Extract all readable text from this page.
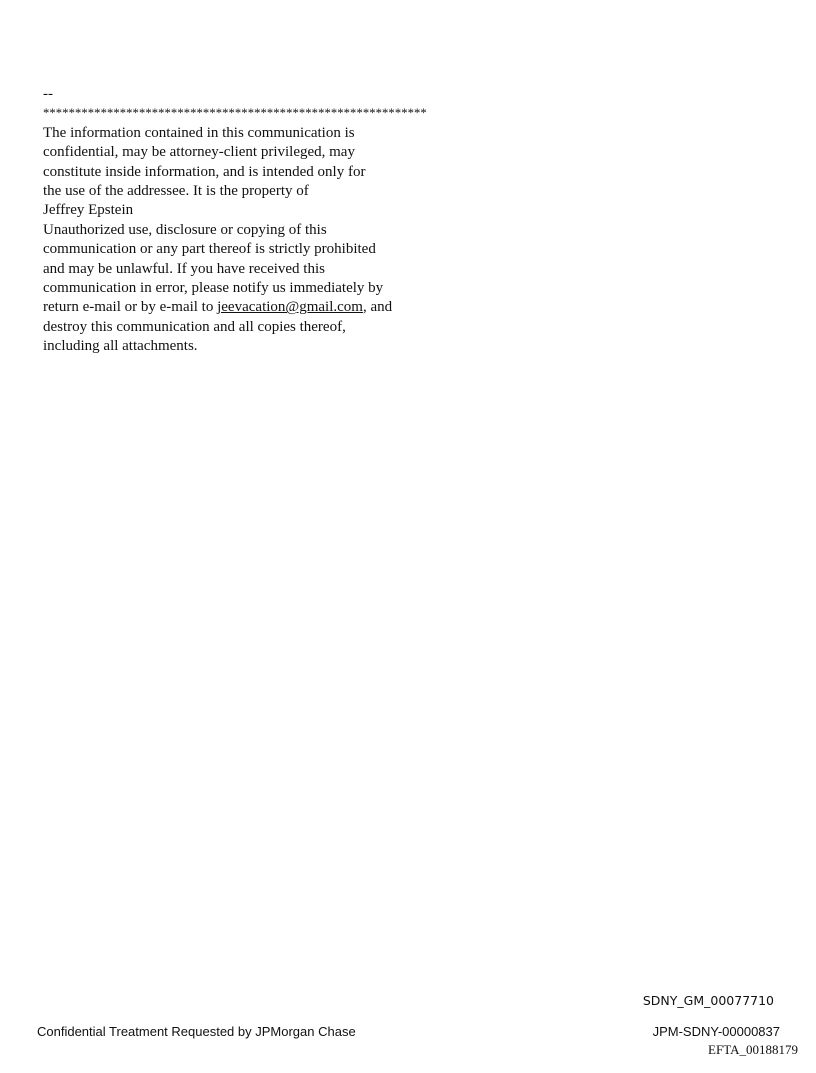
--
************************************************************
The information contained in this communication is
confidential, may be attorney-client privileged, may
constitute inside information, and is intended only for
the use of the addressee. It is the property of
Jeffrey Epstein
Unauthorized use, disclosure or copying of this
communication or any part thereof is strictly prohibited
and may be unlawful. If you have received this
communication in error, please notify us immediately by
return e-mail or by e-mail to jeevacation@gmail.com, and
destroy this communication and all copies thereof,
including all attachments.
SDNY_GM_00077710
Confidential Treatment Requested by JPMorgan Chase	JPM-SDNY-00000837
EFTA_00188179
